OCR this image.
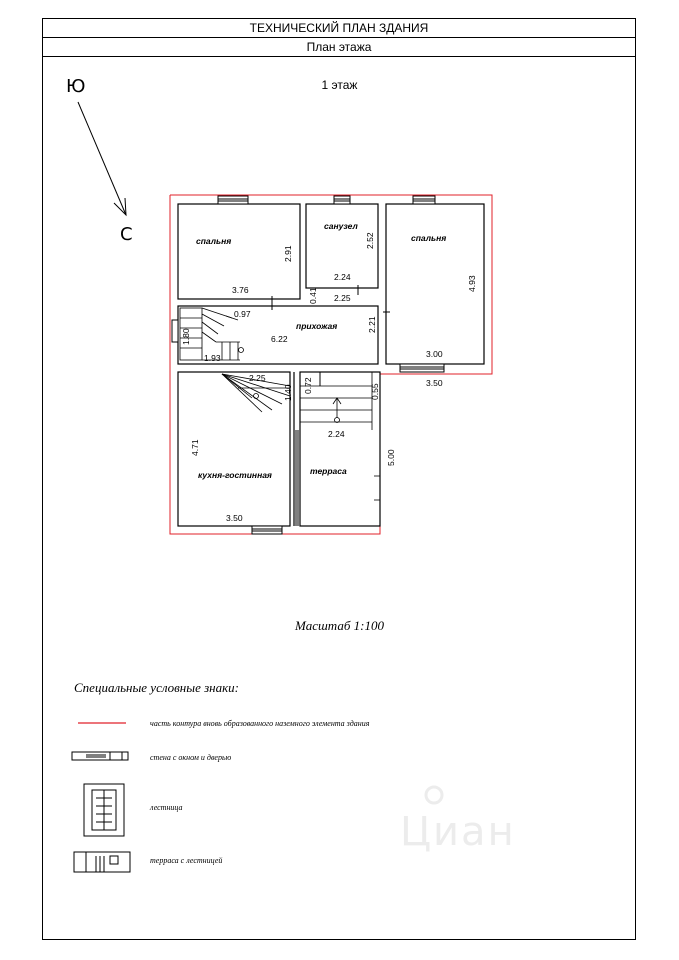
ТЕХНИЧЕСКИЙ ПЛАН ЗДАНИЯ
План этажа
1 этаж
Ю
С
Циан
спальня
санузел
спальня
прихожая
кухня-гостинная	терраса
3.76
2.91
2.24
2.52
4.93
3.00
3.50
0.41 2.25
2.21
0.97
6.22
1.80
1.93
2.25
1.40 0.72	0.55
2.24
5.00
4.71
3.50
Масштаб 1:100
Специальные условные знаки:
часть контура вновь образованного наземного элемента здания
стена с окном и дверью
лестница
терраса с лестницей
